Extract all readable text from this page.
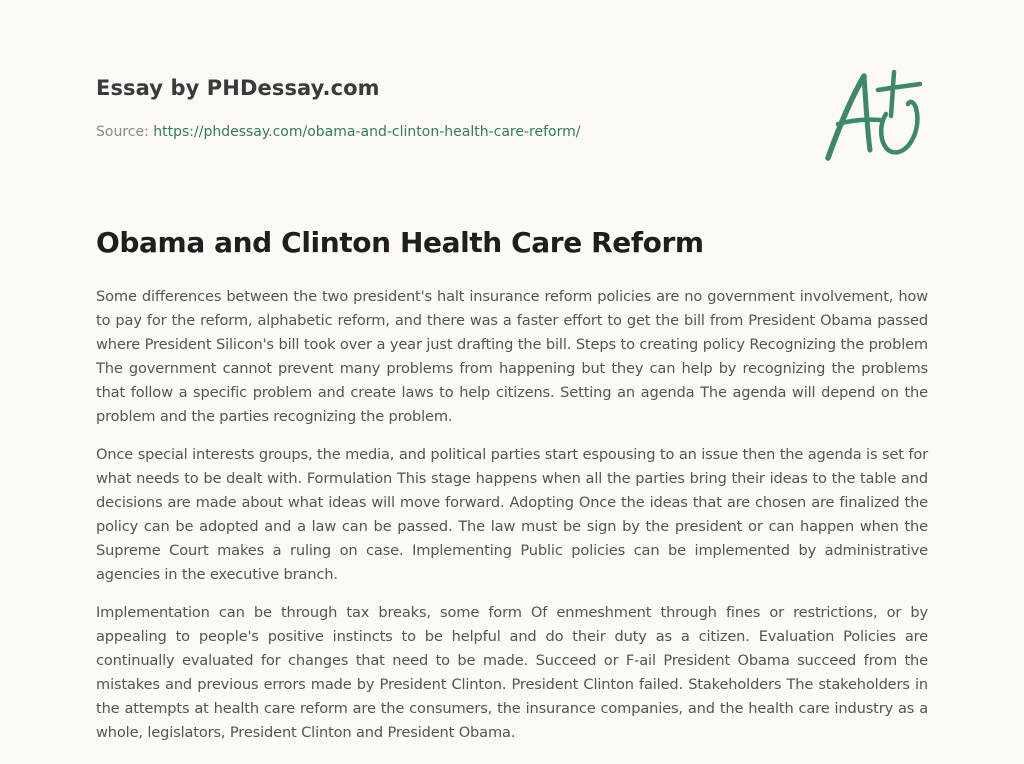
Essay by PHDessay.com
Source: https://phdessay.com/obama-and-clinton-health-care-reform/
Obama and Clinton Health Care Reform

Some differences between the two president's halt insurance reform policies are no government involvement, how to pay for the reform, alphabetic reform, and there was a faster effort to get the bill from President Obama passed where President Silicon's bill took over a year just drafting the bill. Steps to creating policy Recognizing the problem The government cannot prevent many problems from happening but they can help by recognizing the problems that follow a specific problem and create laws to help citizens. Setting an agenda The agenda will depend on the problem and the parties recognizing the problem.

Once special interests groups, the media, and political parties start espousing to an issue then the agenda is set for what needs to be dealt with. Formulation This stage happens when all the parties bring their ideas to the table and decisions are made about what ideas will move forward. Adopting Once the ideas that are chosen are finalized the policy can be adopted and a law can be passed. The law must be sign by the president or can happen when the Supreme Court makes a ruling on case. Implementing Public policies can be implemented by administrative agencies in the executive branch.

Implementation can be through tax breaks, some form Of enmeshment through fines or restrictions, or by appealing to people's positive instincts to be helpful and do their duty as a citizen. Evaluation Policies are continually evaluated for changes that need to be made. Succeed or F-ail President Obama succeed from the mistakes and previous errors made by President Clinton. President Clinton failed. Stakeholders The stakeholders in the attempts at health care reform are the consumers, the insurance companies, and the health care industry as a whole, legislators, President Clinton and President Obama.
